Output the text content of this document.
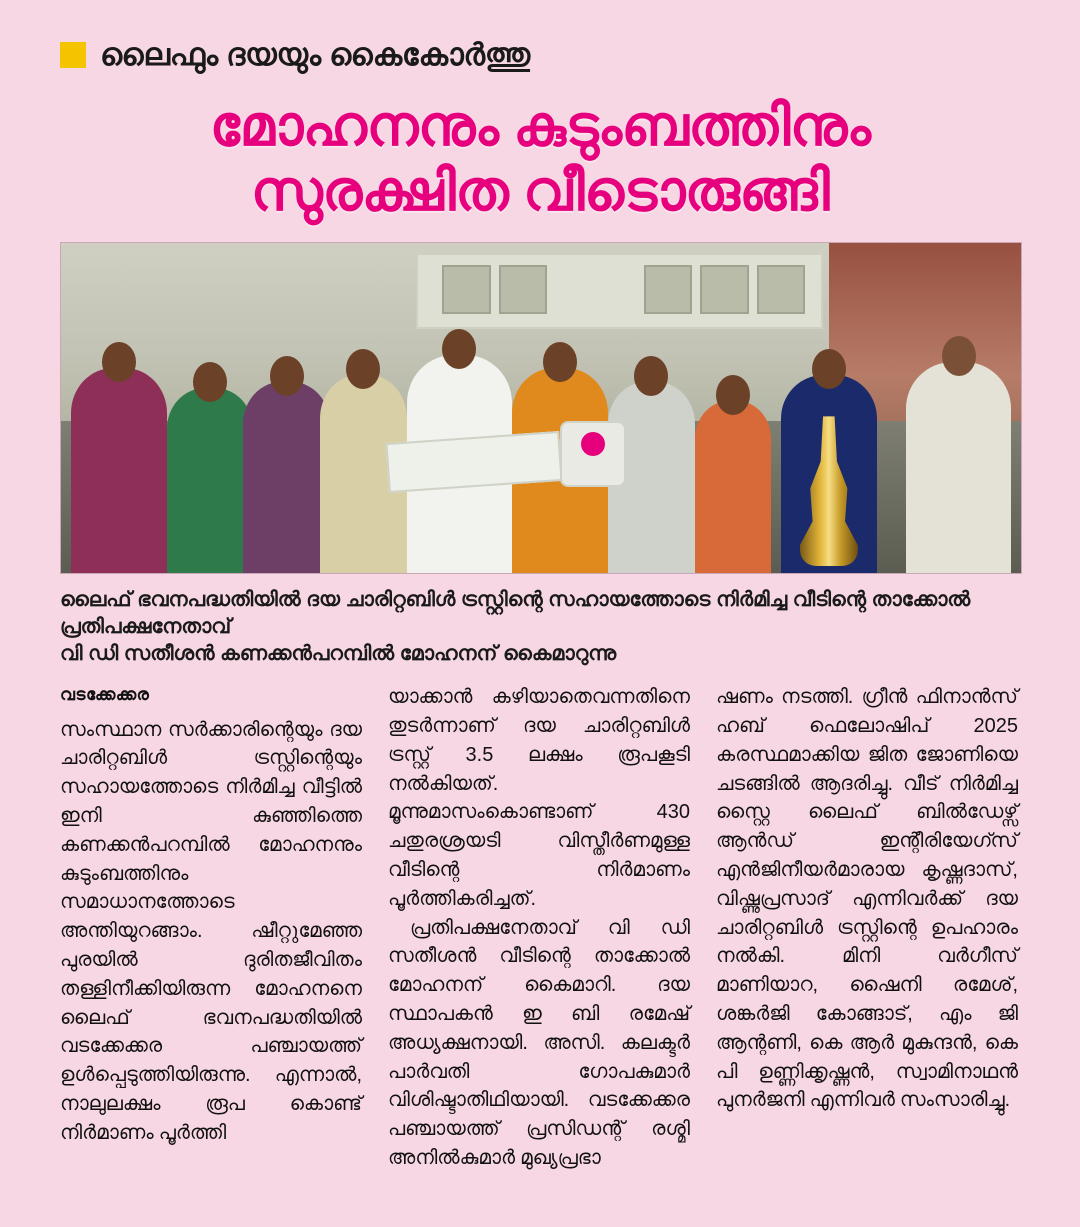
ലൈഫും ദയയും കൈകോർത്തു
മോഹനനും കുടുംബത്തിനും
സുരക്ഷിത വീടൊരുങ്ങി
ലൈഫ് ഭവനപദ്ധതിയിൽ ദയ ചാരിറ്റബിൾ ട്രസ്റ്റിന്റെ സഹായത്തോടെ നിർമിച്ച വീടിന്റെ താക്കോൽ പ്രതിപക്ഷനേതാവ്
വി ഡി സതീശൻ കണക്കൻപറമ്പിൽ മോഹനന് കൈമാറുന്നു
വടക്കേക്കര

സംസ്ഥാന സർക്കാരിന്റെയും ദയ ചാരിറ്റബിൾ ട്രസ്റ്റിന്റെയും സഹായത്തോടെ നിർമിച്ച വീട്ടിൽ ഇനി കുഞ്ഞിത്തെ കണക്കൻപറമ്പിൽ മോഹനനും കുടുംബത്തിനും സമാധാനത്തോടെ അന്തിയുറങ്ങാം. ഷീറ്റുമേഞ്ഞ പുരയിൽ ദുരിതജീവിതം തള്ളിനീക്കിയിരുന്ന മോഹനനെ ലൈഫ് ഭവനപദ്ധതിയിൽ വടക്കേക്കര പഞ്ചായത്ത് ഉൾപ്പെടുത്തിയിരുന്നു. എന്നാൽ, നാലുലക്ഷം രൂപ കൊണ്ട് നിർമാണം പൂർത്തി

യാക്കാൻ കഴിയാതെവന്നതിനെ തുടർന്നാണ് ദയ ചാരിറ്റബിൾ ട്രസ്റ്റ് 3.5 ലക്ഷം രൂപകൂടി നൽകിയത്. മൂന്നുമാസംകൊണ്ടാണ് 430 ചതുരശ്രയടി വിസ്തീർണമുള്ള വീടിന്റെ നിർമാണം പൂർത്തികരിച്ചത്.

പ്രതിപക്ഷനേതാവ് വി ഡി സതീശൻ വീടിന്റെ താക്കോൽ മോഹനന് കൈമാറി. ദയ സ്ഥാപകൻ ഇ ബി രമേഷ് അധ്യക്ഷനായി. അസി. കലക്ടർ പാർവതി ഗോപകുമാർ വിശിഷ്ടാതിഥിയായി. വടക്കേക്കര പഞ്ചായത്ത് പ്രസിഡന്റ് രശ്മി അനിൽകുമാർ മുഖ്യപ്രഭാ

ഷണം നടത്തി. ഗ്രീൻ ഫിനാൻസ് ഹബ് ഫെലോഷിപ് 2025 കരസ്ഥമാക്കിയ ജിത ജോണിയെ ചടങ്ങിൽ ആദരിച്ചു. വീട് നിർമിച്ച സ്റ്റൈ ലൈഫ് ബിൽഡേഴ്സ് ആൻഡ് ഇന്റീരിയേഗ്സ് എൻജിനീയർമാരായ കൃഷ്ണദാസ്, വിഷ്ണുപ്രസാദ് എന്നിവർക്ക് ദയ ചാരിറ്റബിൾ ട്രസ്റ്റിന്റെ ഉപഹാരം നൽകി. മിനി വർഗീസ് മാണിയാറ, ഷൈനി രമേശ്, ശങ്കർജി കോങ്ങാട്, എം ജി ആന്റണി, കെ ആർ മുകുന്ദൻ, കെ പി ഉണ്ണിക്കൃഷ്ണൻ, സ്വാമിനാഥൻ പുനർജനി എന്നിവർ സംസാരിച്ചു.
